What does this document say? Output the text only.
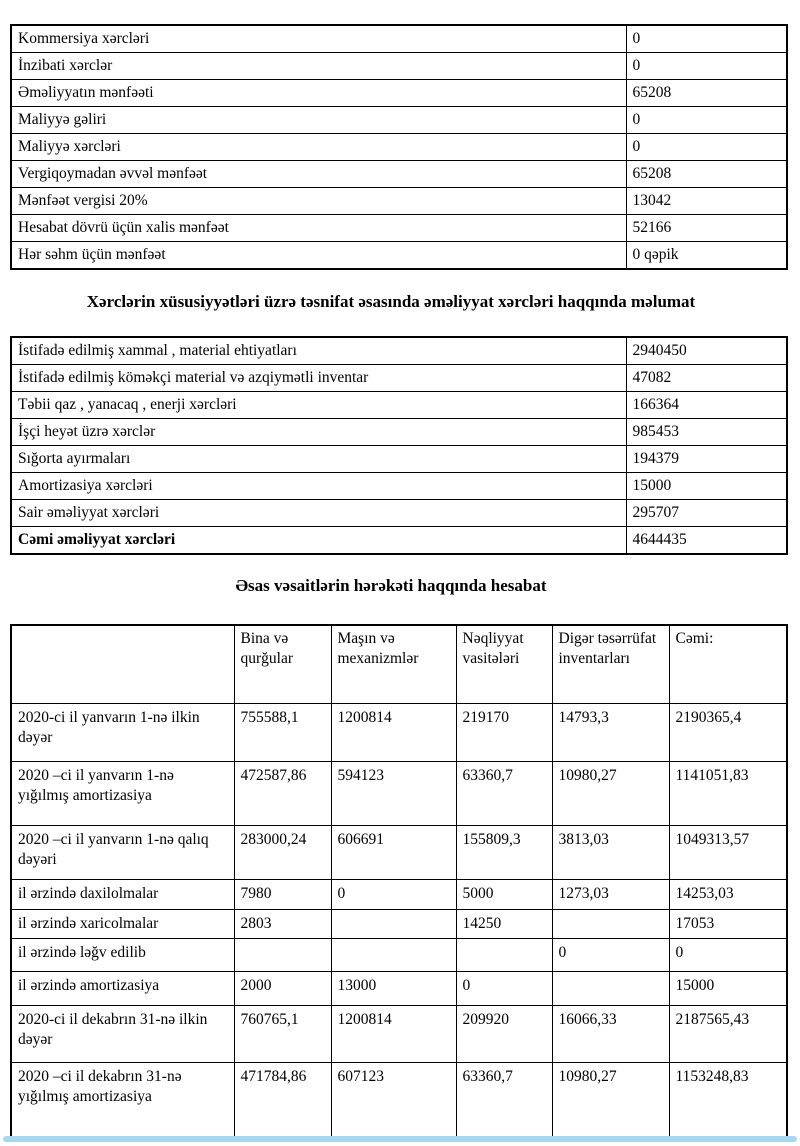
Kommersiya xərcləri	0
İnzibati xərclər	0
Əməliyyatın mənfəəti	65208
Maliyyə gəliri	0
Maliyyə xərcləri	0
Vergiqoymadan əvvəl mənfəət	65208
Mənfəət vergisi 20%	13042
Hesabat dövrü üçün xalis mənfəət	52166
Hər səhm üçün mənfəət	0 qəpik
Xərclərin xüsusiyyətləri üzrə təsnifat əsasında əməliyyat xərcləri haqqında məlumat
İstifadə edilmiş xammal , material ehtiyatları	2940450
İstifadə edilmiş köməkçi material və azqiymətli inventar	47082
Təbii qaz , yanacaq , enerji xərcləri	166364
İşçi heyət üzrə xərclər	985453
Sığorta ayırmaları	194379
Amortizasiya xərcləri	15000
Sair əməliyyat xərcləri	295707
Cəmi əməliyyat xərcləri	4644435
Əsas vəsaitlərin hərəkəti haqqında hesabat
	Bina və qurğular	Maşın və mexanizmlər	Nəqliyyat vasitələri	Digər təsərrüfat inventarları	Cəmi:
2020-ci il yanvarın 1-nə ilkin dəyər	755588,1	1200814	219170	14793,3	2190365,4
2020 –ci il yanvarın 1-nə yığılmış amortizasiya	472587,86	594123	63360,7	10980,27	1141051,83
2020 –ci il yanvarın 1-nə qalıq dəyəri	283000,24	606691	155809,3	3813,03	1049313,57
il ərzində daxilolmalar	7980	0	5000	1273,03	14253,03
il ərzində xaricolmalar	2803		14250		17053
il ərzində ləğv edilib				0	0
il ərzində amortizasiya	2000	13000	0		15000
2020-ci il dekabrın 31-nə ilkin dəyər	760765,1	1200814	209920	16066,33	2187565,43
2020 –ci il dekabrın 31-nə yığılmış amortizasiya	471784,86	607123	63360,7	10980,27	1153248,83
